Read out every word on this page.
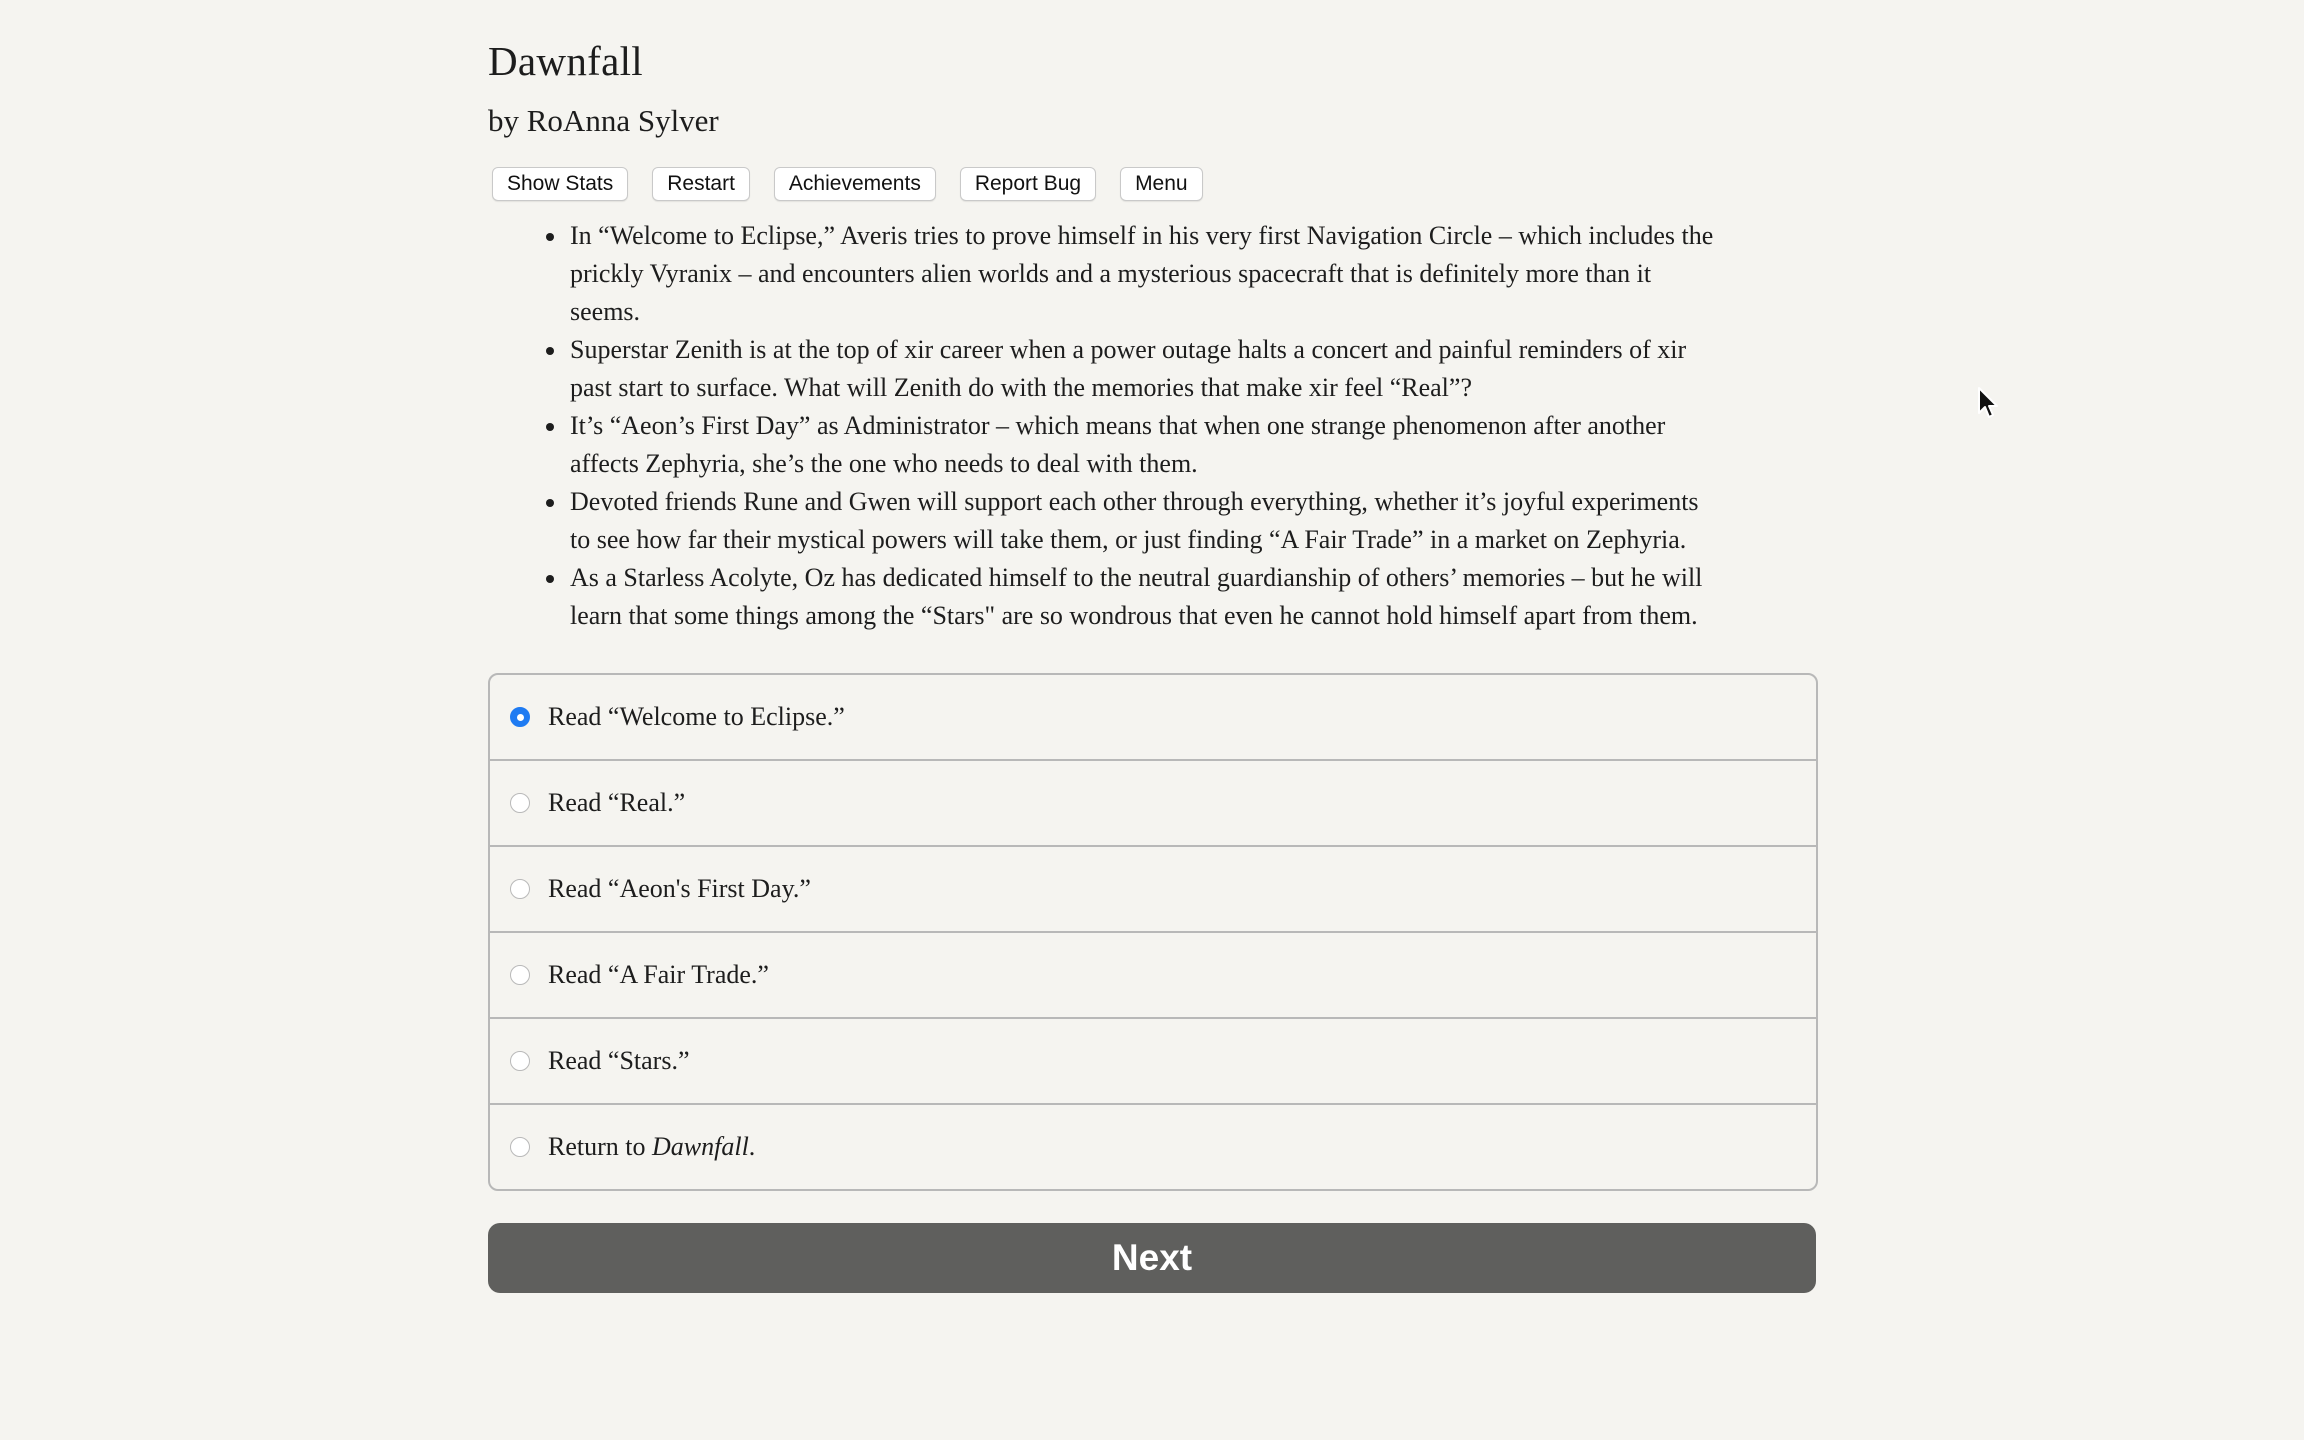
Dawnfall
by RoAnna Sylver
Show Stats	Restart	Achievements	Report Bug	Menu
• In “Welcome to Eclipse,” Averis tries to prove himself in his very first Navigation Circle – which includes the prickly Vyranix – and encounters alien worlds and a mysterious spacecraft that is definitely more than it seems.
• Superstar Zenith is at the top of xir career when a power outage halts a concert and painful reminders of xir past start to surface. What will Zenith do with the memories that make xir feel “Real”?
• It’s “Aeon’s First Day” as Administrator – which means that when one strange phenomenon after another affects Zephyria, she’s the one who needs to deal with them.
• Devoted friends Rune and Gwen will support each other through everything, whether it’s joyful experiments to see how far their mystical powers will take them, or just finding “A Fair Trade” in a market on Zephyria.
• As a Starless Acolyte, Oz has dedicated himself to the neutral guardianship of others’ memories – but he will learn that some things among the “Stars" are so wondrous that even he cannot hold himself apart from them.
Read “Welcome to Eclipse.”
Read “Real.”
Read “Aeon's First Day.”
Read “A Fair Trade.”
Read “Stars.”
Return to Dawnfall.
Next
